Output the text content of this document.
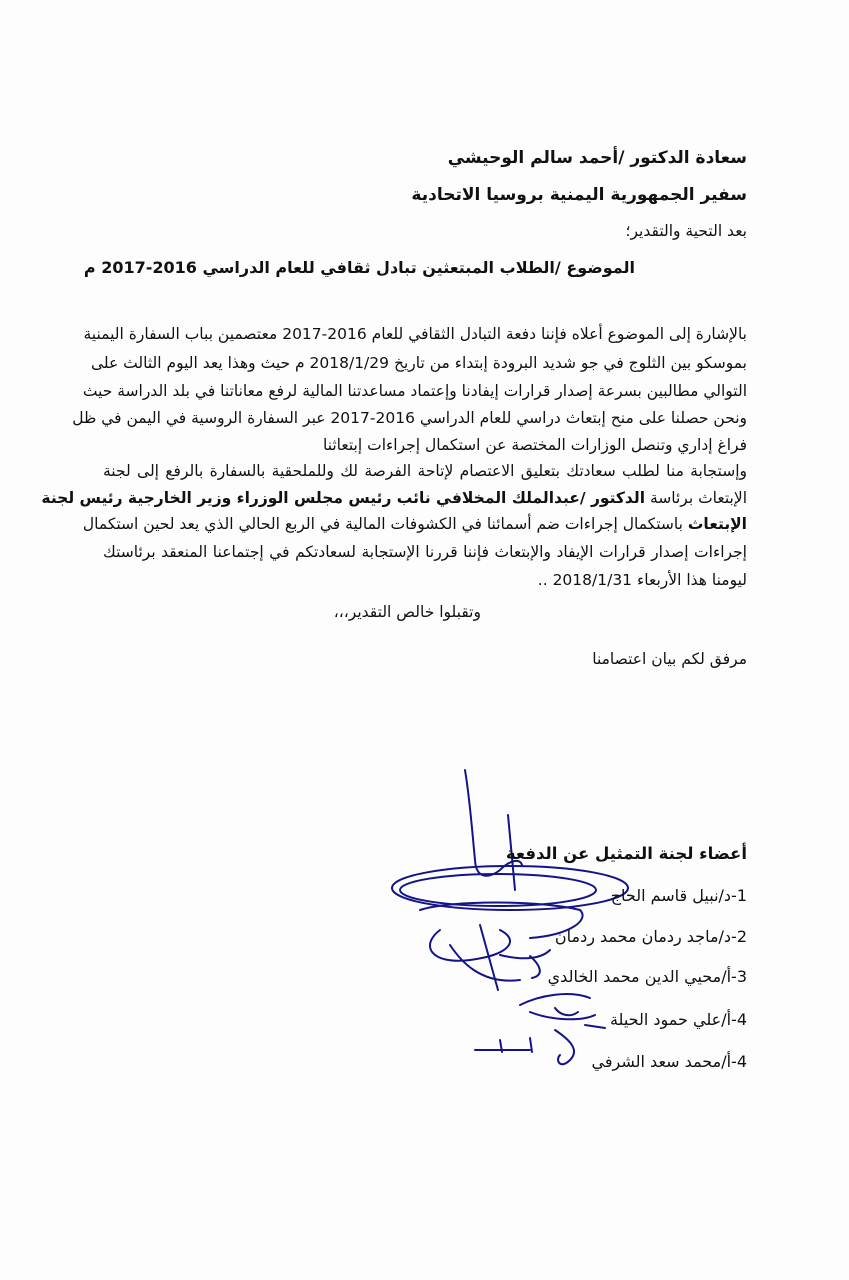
سعادة الدكتور /أحمد سالم الوحيشي
سفير الجمهورية اليمنية بروسيا الاتحادية
بعد التحية والتقدير؛
الموضوع /الطلاب المبتعثين تبادل ثقافي للعام الدراسي 2016-2017 م
بالإشارة إلى الموضوع أعلاه فإننا دفعة التبادل الثقافي للعام 2016-2017 معتصمين بباب السفارة اليمنية
بموسكو بين الثلوج في جو شديد البرودة إبتداء من تاريخ 2018/1/29 م حيث وهذا يعد اليوم الثالث على
التوالي مطالبين بسرعة إصدار قرارات إيفادنا وإعتماد مساعدتنا المالية لرفع معاناتنا في بلد الدراسة حيث
ونحن حصلنا على منح إبتعاث دراسي للعام الدراسي 2016-2017 عبر السفارة الروسية في اليمن في ظل
فراغ إداري وتنصل الوزارات المختصة عن استكمال إجراءات إبتعاثنا
وإستجابة منا لطلب سعادتك بتعليق الاعتصام لإتاحة الفرصة لك وللملحقية بالسفارة بالرفع إلى لجنة
الإبتعاث برئاسة الدكتور /عبدالملك المخلافي نائب رئيس مجلس الوزراء وزير الخارجية رئيس لجنة
الإبتعاث باستكمال إجراءات ضم أسمائنا في الكشوفات المالية في الربع الحالي الذي يعد لحين استكمال
إجراءات إصدار قرارات الإيفاد والإبتعاث فإننا قررنا الإستجابة لسعادتكم في إجتماعنا المنعقد برئاستك
ليومنا هذا الأربعاء 2018/1/31 ..
وتقبلوا خالص التقدير،،،
مرفق لكم بيان اعتصامنا
أعضاء لجنة التمثيل عن الدفعة
1-د/نبيل قاسم الحاج
2-د/ماجد ردمان محمد ردمان
3-أ/محيي الدين محمد الخالدي
4-أ/علي حمود الحيلة
4-أ/محمد سعد الشرفي
